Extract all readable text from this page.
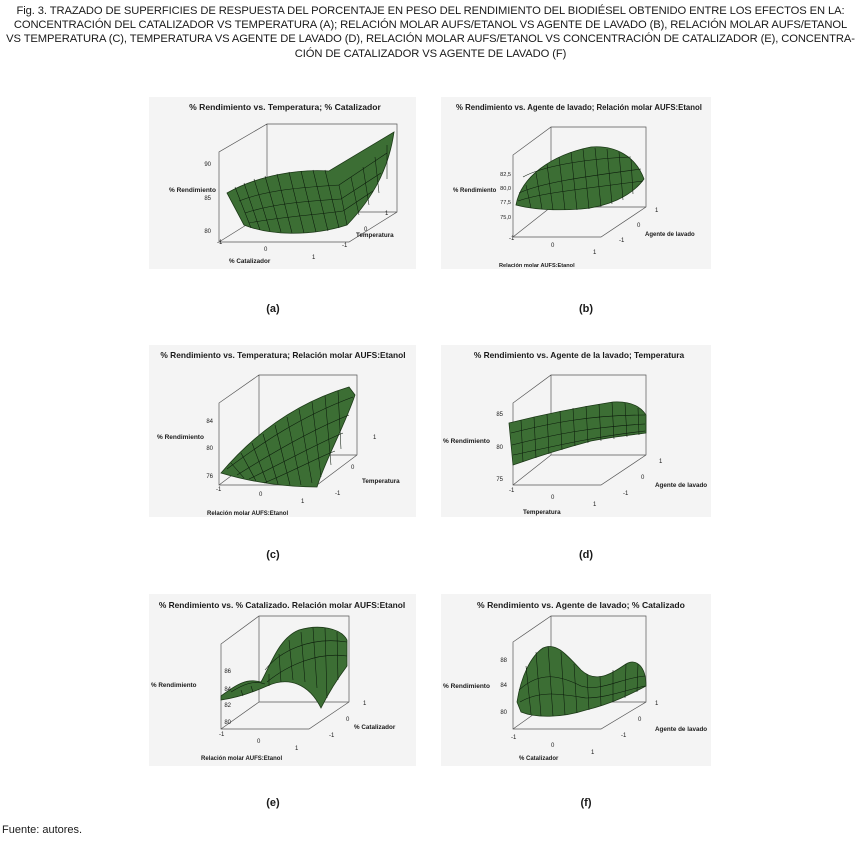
Fig. 3. TRAZADO DE SUPERFICIES DE RESPUESTA DEL PORCENTAJE EN PESO DEL RENDIMIENTO DEL BIODIÉSEL OBTENIDO ENTRE LOS EFECTOS EN LA:
CONCENTRACIÓN DEL CATALIZADOR VS TEMPERATURA (A); RELACIÓN MOLAR AUFS/ETANOL VS AGENTE DE LAVADO (B), RELACIÓN MOLAR AUFS/ETANOL
VS TEMPERATURA (C), TEMPERATURA VS AGENTE DE LAVADO (D), RELACIÓN MOLAR AUFS/ETANOL VS CONCENTRACIÓN DE CATALIZADOR (E), CONCENTRA-
CIÓN DE CATALIZADOR VS AGENTE DE LAVADO (F)
% Rendimiento vs. Temperatura; % Catalizador
% Rendimiento
90
85
80
-1
0
1
% Catalizador
1
0
-1
Temperatura
(a)
% Rendimiento vs. Agente de lavado; Relación molar AUFS:Etanol
% Rendimiento
82,5
80,0
77,5
75,0
-1
0
1
Relación molar AUFS:Etanol
1
0
-1
Agente de lavado
(b)
% Rendimiento vs. Temperatura; Relación molar AUFS:Etanol
% Rendimiento
84
80
76
-1
0
1
Relación molar AUFS:Etanol
1
0
-1
Temperatura
(c)
% Rendimiento vs. Agente de la lavado; Temperatura
% Rendimiento
85
80
75
-1
0
1
Temperatura
1
0
-1
Agente de lavado
(d)
% Rendimiento vs. % Catalizado. Relación molar AUFS:Etanol
% Rendimiento
86
84
82
80
-1
0
1
Relación molar AUFS:Etanol
1
0
-1
% Catalizador
(e)
% Rendimiento vs. Agente de lavado; % Catalizado
% Rendimiento
88
84
80
-1
0
1
% Catalizador
1
0
-1
Agente de lavado
(f)
Fuente: autores.
